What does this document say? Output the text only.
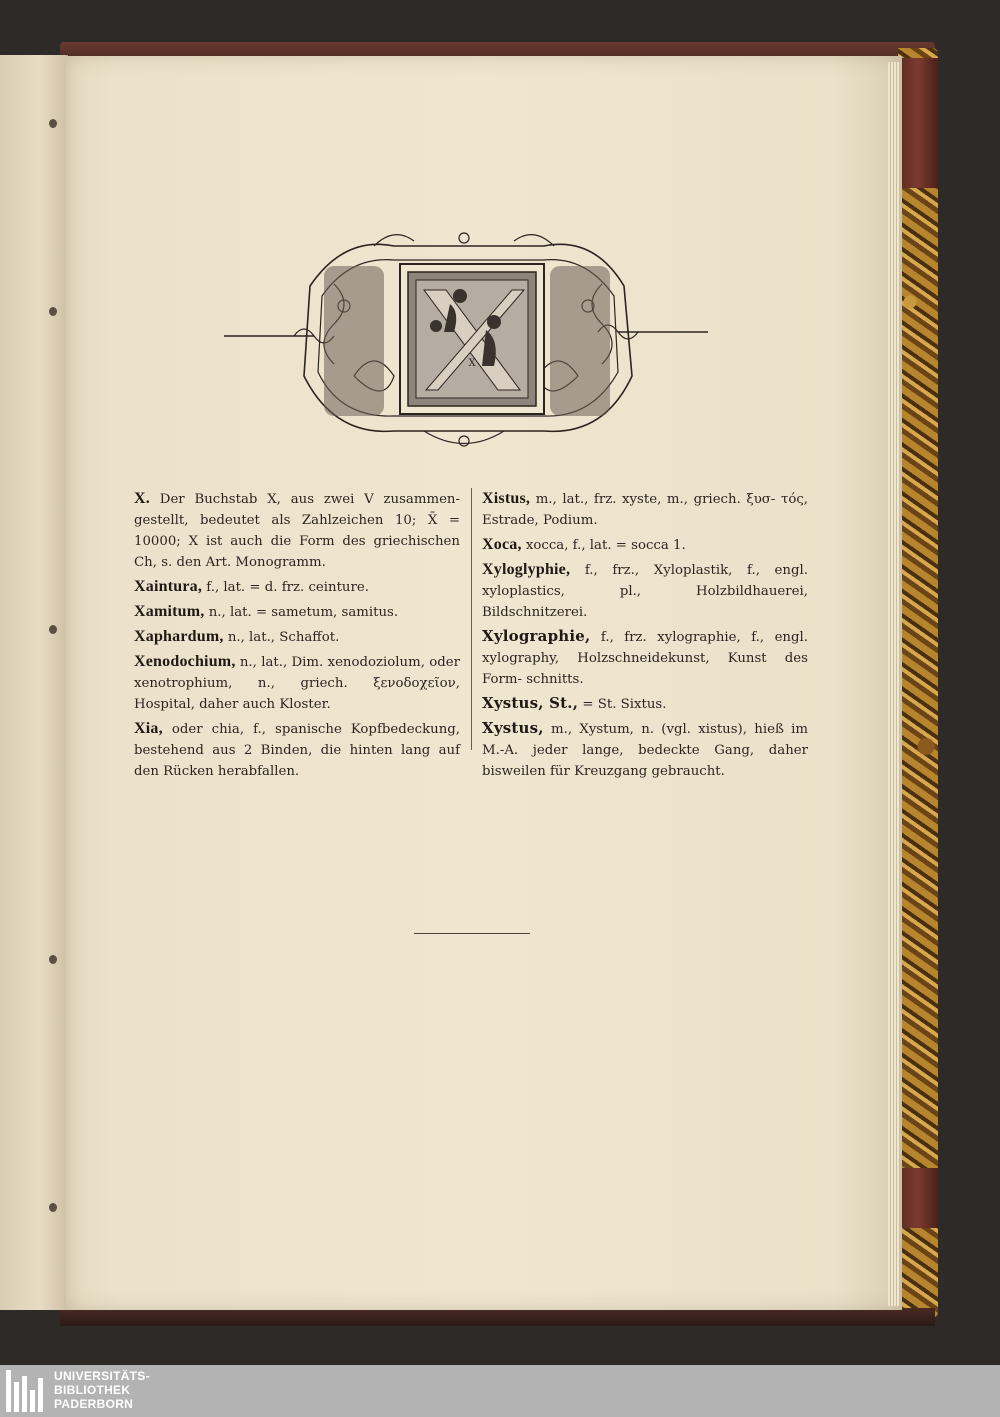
X

X. Der Buchstab X, aus zwei V zusammen- gestellt, bedeutet als Zahlzeichen 10; X̄ = 10000; X ist auch die Form des griechischen Ch, s. den Art. Monogramm.

Xaintura, f., lat. = d. frz. ceinture.

Xamitum, n., lat. = sametum, samitus.

Xaphardum, n., lat., Schaffot.

Xenodochium, n., lat., Dim. xenodoziolum, oder xenotrophium, n., griech. ξενοδοχεῖον, Hospital, daher auch Kloster.

Xia, oder chia, f., spanische Kopfbedeckung, bestehend aus 2 Binden, die hinten lang auf den Rücken herabfallen.

Xistus, m., lat., frz. xyste, m., griech. ξυσ- τός, Estrade, Podium.

Xoca, xocca, f., lat. = socca 1.

Xyloglyphie, f., frz., Xyloplastik, f., engl. xyloplastics, pl., Holzbildhauerei, Bildschnitzerei.

Xylographie, f., frz. xylographie, f., engl. xylography, Holzschneidekunst, Kunst des Form- schnitts.

Xystus, St., = St. Sixtus.

Xystus, m., Xystum, n. (vgl. xistus), hieß im M.-A. jeder lange, bedeckte Gang, daher bisweilen für Kreuzgang gebraucht.

UNIVERSITÄTS-
BIBLIOTHEK
PADERBORN
